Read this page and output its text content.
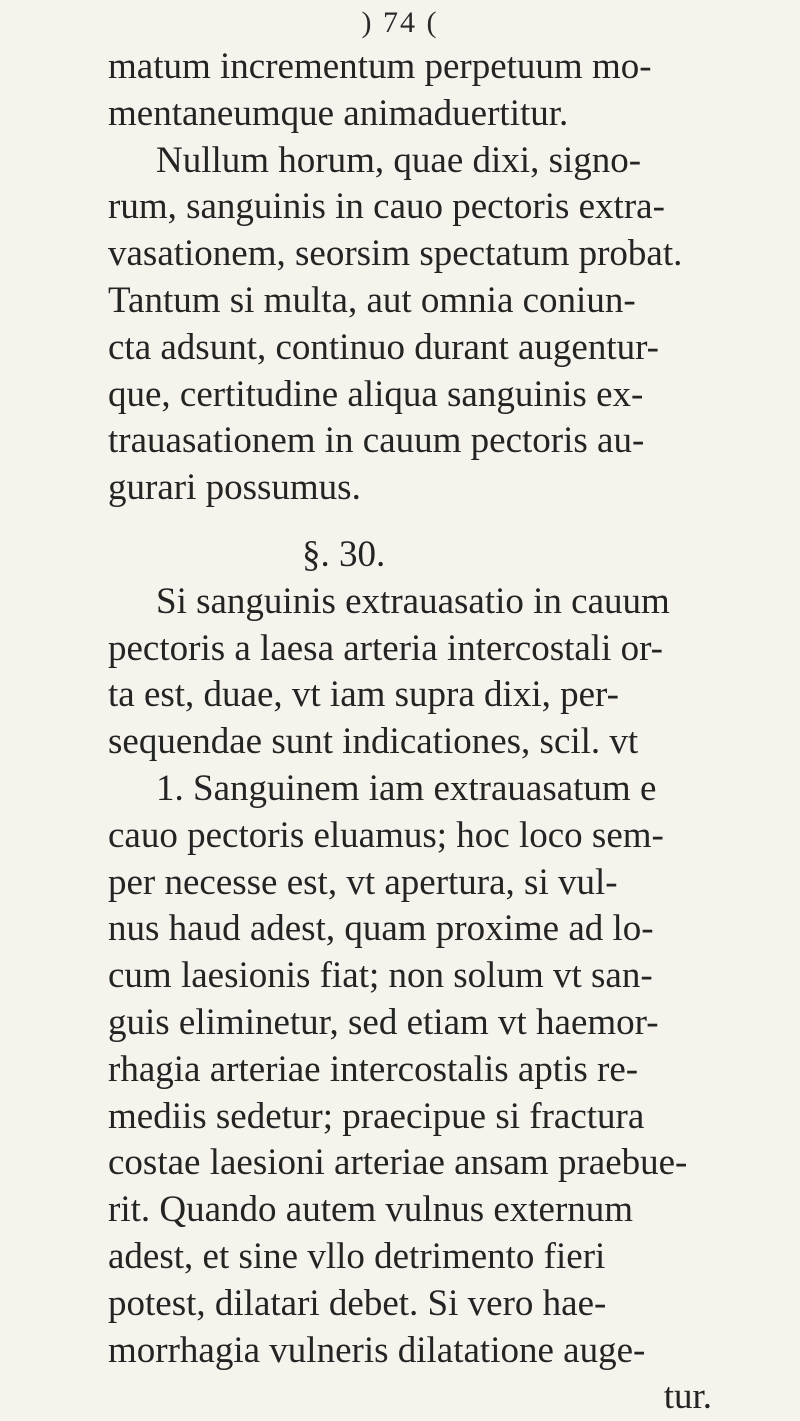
) 74 (
matum incrementum perpetuum mo-
mentaneumque animaduertitur.
Nullum horum, quae dixi, signo-
rum, sanguinis in cauo pectoris extra-
vasationem, seorsim spectatum probat.
Tantum si multa, aut omnia coniun-
cta adsunt, continuo durant augentur-
que, certitudine aliqua sanguinis ex-
trauasationem in cauum pectoris au-
gurari possumus.
§. 30.
Si sanguinis extrauasatio in cauum
pectoris a laesa arteria intercostali or-
ta est, duae, vt iam supra dixi, per-
sequendae sunt indicationes, scil. vt
1. Sanguinem iam extrauasatum e
cauo pectoris eluamus; hoc loco sem-
per necesse est, vt apertura, si vul-
nus haud adest, quam proxime ad lo-
cum laesionis fiat; non solum vt san-
guis eliminetur, sed etiam vt haemor-
rhagia arteriae intercostalis aptis re-
mediis sedetur; praecipue si fractura
costae laesioni arteriae ansam praebue-
rit. Quando autem vulnus externum
adest, et sine vllo detrimento fieri
potest, dilatari debet. Si vero hae-
morrhagia vulneris dilatatione auge-
tur.
